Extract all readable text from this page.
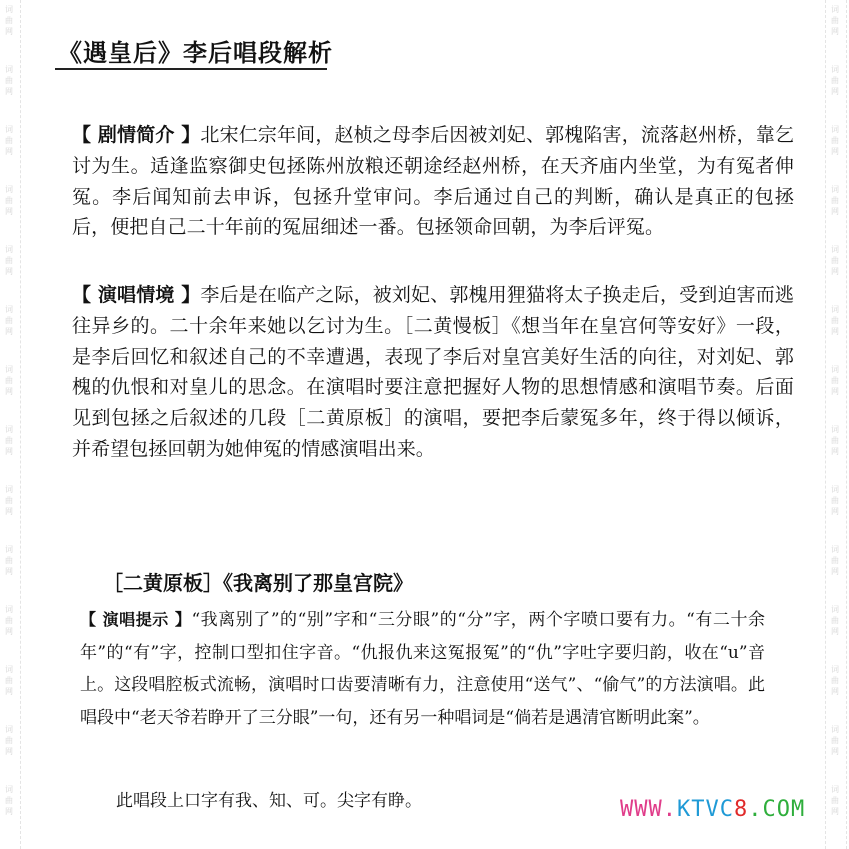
词曲网
词曲网
词曲网
词曲网
词曲网
词曲网
词曲网
词曲网
词曲网
词曲网
词曲网
词曲网
词曲网
词曲网
词曲网
词曲网
词曲网
词曲网
词曲网
词曲网
词曲网
词曲网
词曲网
词曲网
词曲网
词曲网
词曲网
词曲网
《遇皇后》李后唱段解析

【 剧情简介 】北宋仁宗年间，赵桢之母李后因被刘妃、郭槐陷害，流落赵州桥，靠乞讨为生。适逢监察御史包拯陈州放粮还朝途经赵州桥，在天齐庙内坐堂，为有冤者伸冤。李后闻知前去申诉，包拯升堂审问。李后通过自己的判断，确认是真正的包拯后，便把自己二十年前的冤屈细述一番。包拯领命回朝，为李后评冤。

【 演唱情境 】李后是在临产之际，被刘妃、郭槐用狸猫将太子换走后，受到迫害而逃往异乡的。二十余年来她以乞讨为生。［二黄慢板］《想当年在皇宫何等安好》一段，是李后回忆和叙述自己的不幸遭遇，表现了李后对皇宫美好生活的向往，对刘妃、郭槐的仇恨和对皇儿的思念。在演唱时要注意把握好人物的思想情感和演唱节奏。后面见到包拯之后叙述的几段［二黄原板］的演唱，要把李后蒙冤多年，终于得以倾诉，并希望包拯回朝为她伸冤的情感演唱出来。

［二黄原板］《我离别了那皇宫院》

【 演唱提示 】“我离别了”的“别”字和“三分眼”的“分”字，两个字喷口要有力。“有二十余年”的“有”字，控制口型扣住字音。“仇报仇来这冤报冤”的“仇”字吐字要归韵，收在“u”音上。这段唱腔板式流畅，演唱时口齿要清晰有力，注意使用“送气”、“偷气”的方法演唱。此唱段中“老天爷若睁开了三分眼”一句，还有另一种唱词是“倘若是遇清官断明此案”。

此唱段上口字有我、知、可。尖字有睁。	WWW.KTVC8.COM
